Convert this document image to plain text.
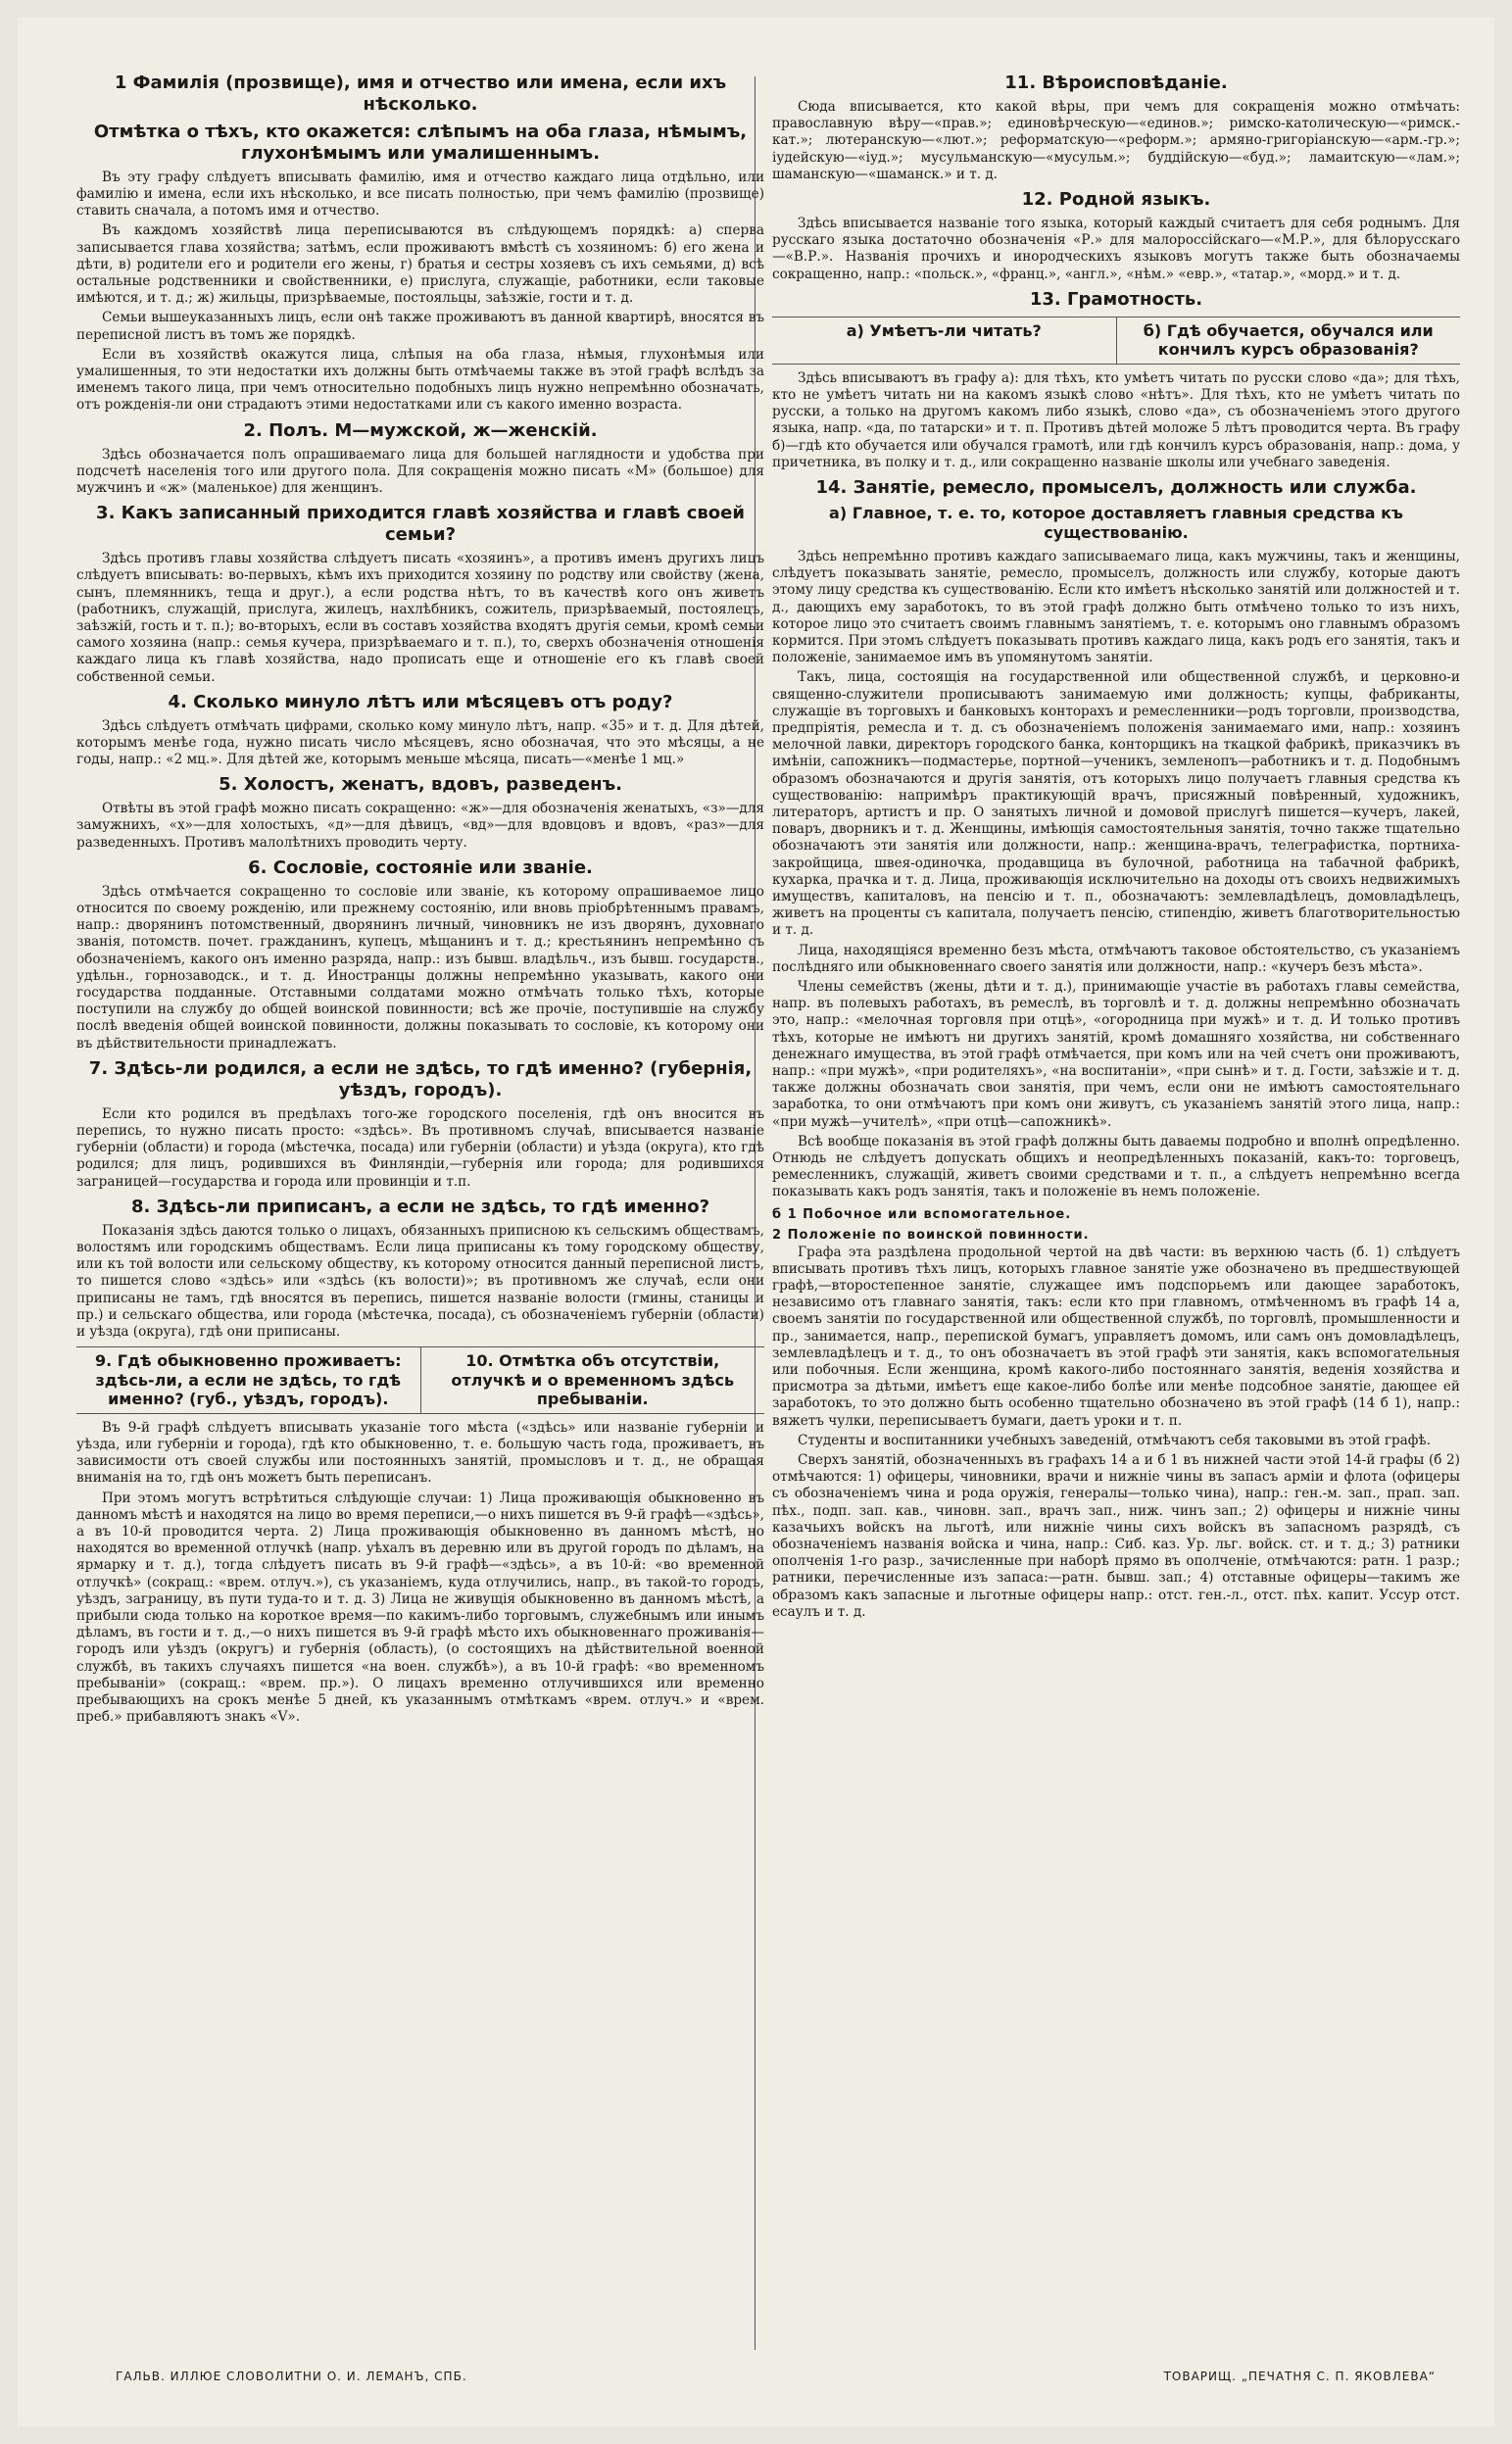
1 Фамилія (прозвище), имя и отчество или имена, если ихъ нѣсколько.
Отмѣтка о тѣхъ, кто окажется: слѣпымъ на оба глаза, нѣмымъ, глухонѣмымъ или умалишеннымъ.

Въ эту графу слѣдуетъ вписывать фамилію, имя и отчество каждаго лица отдѣльно, или фамилію и имена, если ихъ нѣсколько, и все писать полностью, при чемъ фамилію (прозвище) ставить сначала, а потомъ имя и отчество.

Въ каждомъ хозяйствѣ лица переписываются въ слѣдующемъ порядкѣ: а) сперва записывается глава хозяйства; затѣмъ, если проживаютъ вмѣстѣ съ хозяиномъ: б) его жена и дѣти, в) родители его и родители его жены, г) братья и сестры хозяевъ съ ихъ семьями, д) всѣ остальные родственники и свойственники, е) прислуга, служащіе, работники, если таковые имѣются, и т. д.; ж) жильцы, призрѣваемые, постояльцы, заѣзжіе, гости и т. д.

Семьи вышеуказанныхъ лицъ, если онѣ также проживаютъ въ данной квартирѣ, вносятся въ переписной листъ въ томъ же порядкѣ.

Если въ хозяйствѣ окажутся лица, слѣпыя на оба глаза, нѣмыя, глухонѣмыя или умалишенныя, то эти недостатки ихъ должны быть отмѣчаемы также въ этой графѣ вслѣдъ за именемъ такого лица, при чемъ относительно подобныхъ лицъ нужно непремѣнно обозначать, отъ рожденія-ли они страдаютъ этими недостатками или съ какого именно возраста.

2. Полъ. М—мужской, ж—женскій.

Здѣсь обозначается полъ опрашиваемаго лица для большей наглядности и удобства при подсчетѣ населенія того или другого пола. Для сокращенія можно писать «М» (большое) для мужчинъ и «ж» (маленькое) для женщинъ.

3. Какъ записанный приходится главѣ хозяйства и главѣ своей семьи?

Здѣсь противъ главы хозяйства слѣдуетъ писать «хозяинъ», а противъ именъ другихъ лицъ слѣдуетъ вписывать: во-первыхъ, кѣмъ ихъ приходится хозяину по родству или свойству (жена, сынъ, племянникъ, теща и друг.), а если родства нѣтъ, то въ качествѣ кого онъ живетъ (работникъ, служащій, прислуга, жилецъ, нахлѣбникъ, сожитель, призрѣваемый, постоялецъ, заѣзжій, гость и т. п.); во-вторыхъ, если въ составъ хозяйства входятъ другія семьи, кромѣ семьи самого хозяина (напр.: семья кучера, призрѣваемаго и т. п.), то, сверхъ обозначенія отношенія каждаго лица къ главѣ хозяйства, надо прописать еще и отношеніе его къ главѣ своей собственной семьи.

4. Сколько минуло лѣтъ или мѣсяцевъ отъ роду?

Здѣсь слѣдуетъ отмѣчать цифрами, сколько кому минуло лѣтъ, напр. «35» и т. д. Для дѣтей, которымъ менѣе года, нужно писать число мѣсяцевъ, ясно обозначая, что это мѣсяцы, а не годы, напр.: «2 мц.». Для дѣтей же, которымъ меньше мѣсяца, писать—«менѣе 1 мц.»

5. Холостъ, женатъ, вдовъ, разведенъ.

Отвѣты въ этой графѣ можно писать сокращенно: «ж»—для обозначенія женатыхъ, «з»—для замужнихъ, «х»—для холостыхъ, «д»—для дѣвицъ, «вд»—для вдовцовъ и вдовъ, «раз»—для разведенныхъ. Противъ малолѣтнихъ проводить черту.

6. Сословіе, состояніе или званіе.

Здѣсь отмѣчается сокращенно то сословіе или званіе, къ которому опрашиваемое лицо относится по своему рожденію, или прежнему состоянію, или вновь пріобрѣтеннымъ правамъ, напр.: дворянинъ потомственный, дворянинъ личный, чиновникъ не изъ дворянъ, духовнаго званія, потомств. почет. гражданинъ, купецъ, мѣщанинъ и т. д.; крестьянинъ непремѣнно съ обозначеніемъ, какого онъ именно разряда, напр.: изъ бывш. владѣльч., изъ бывш. государств., удѣльн., горнозаводск., и т. д. Иностранцы должны непремѣнно указывать, какого они государства подданные. Отставными солдатами можно отмѣчать только тѣхъ, которые поступили на службу до общей воинской повинности; всѣ же прочіе, поступившіе на службу послѣ введенія общей воинской повинности, должны показывать то сословіе, къ которому они въ дѣйствительности принадлежатъ.

7. Здѣсь-ли родился, а если не здѣсь, то гдѣ именно? (губернія, уѣздъ, городъ).

Если кто родился въ предѣлахъ того-же городского поселенія, гдѣ онъ вносится въ перепись, то нужно писать просто: «здѣсь». Въ противномъ случаѣ, вписывается названіе губерніи (области) и города (мѣстечка, посада) или губерніи (области) и уѣзда (округа), кто гдѣ родился; для лицъ, родившихся въ Финляндіи,—губернія или города; для родившихся заграницей—государства и города или провинціи и т.п.

8. Здѣсь-ли приписанъ, а если не здѣсь, то гдѣ именно?

Показанія здѣсь даются только о лицахъ, обязанныхъ приписною къ сельскимъ обществамъ, волостямъ или городскимъ обществамъ. Если лица приписаны къ тому городскому обществу, или къ той волости или сельскому обществу, къ которому относится данный переписной листъ, то пишется слово «здѣсь» или «здѣсь (къ волости)»; въ противномъ же случаѣ, если они приписаны не тамъ, гдѣ вносятся въ перепись, пишется названіе волости (гмины, станицы и пр.) и сельскаго общества, или города (мѣстечка, посада), съ обозначеніемъ губерніи (области) и уѣзда (округа), гдѣ они приписаны.

9. Гдѣ обыкновенно проживаетъ: здѣсь-ли, а если не здѣсь, то гдѣ именно? (губ., уѣздъ, городъ).
10. Отмѣтка объ отсутствіи, отлучкѣ и о временномъ здѣсь пребываніи.

Въ 9-й графѣ слѣдуетъ вписывать указаніе того мѣста («здѣсь» или названіе губерніи и уѣзда, или губерніи и города), гдѣ кто обыкновенно, т. е. большую часть года, проживаетъ, въ зависимости отъ своей службы или постоянныхъ занятій, промысловъ и т. д., не обращая вниманія на то, гдѣ онъ можетъ быть переписанъ.

При этомъ могутъ встрѣтиться слѣдующіе случаи: 1) Лица проживающія обыкновенно въ данномъ мѣстѣ и находятся на лицо во время переписи,—о нихъ пишется въ 9-й графѣ—«здѣсь», а въ 10-й проводится черта. 2) Лица проживающія обыкновенно въ данномъ мѣстѣ, но находятся во временной отлучкѣ (напр. уѣхалъ въ деревню или въ другой городъ по дѣламъ, на ярмарку и т. д.), тогда слѣдуетъ писать въ 9-й графѣ—«здѣсь», а въ 10-й: «во временной отлучкѣ» (сокращ.: «врем. отлуч.»), съ указаніемъ, куда отлучились, напр., въ такой-то городъ, уѣздъ, заграницу, въ пути туда-то и т. д. 3) Лица не живущія обыкновенно въ данномъ мѣстѣ, а прибыли сюда только на короткое время—по какимъ-либо торговымъ, служебнымъ или инымъ дѣламъ, въ гости и т. д.,—о нихъ пишется въ 9-й графѣ мѣсто ихъ обыкновеннаго проживанія—городъ или уѣздъ (округъ) и губернія (область), (о состоящихъ на дѣйствительной военной службѣ, въ такихъ случаяхъ пишется «на воен. службѣ»), а въ 10-й графѣ: «во временномъ пребываніи» (сокращ.: «врем. пр.»). О лицахъ временно отлучившихся или временно пребывающихъ на срокъ менѣе 5 дней, къ указаннымъ отмѣткамъ «врем. отлуч.» и «врем. преб.» прибавляютъ знакъ «V».

11. Вѣроисповѣданіе.

Сюда вписывается, кто какой вѣры, при чемъ для сокращенія можно отмѣчать: православную вѣру—«прав.»; единовѣрческую—«единов.»; римско-католическую—«римск.-кат.»; лютеранскую—«лют.»; реформатскую—«реформ.»; армяно-григоріанскую—«арм.-гр.»; іудейскую—«іуд.»; мусульманскую—«мусульм.»; буддійскую—«буд.»; ламаитскую—«лам.»; шаманскую—«шаманск.» и т. д.

12. Родной языкъ.

Здѣсь вписывается названіе того языка, который каждый считаетъ для себя роднымъ. Для русскаго языка достаточно обозначенія «Р.» для малороссійскаго—«М.Р.», для бѣлорусскаго—«В.Р.». Названія прочихъ и инородческихъ языковъ могутъ также быть обозначаемы сокращенно, напр.: «польск.», «франц.», «англ.», «нѣм.» «евр.», «татар.», «морд.» и т. д.

13. Грамотность.
а) Умѣетъ-ли читать?	б) Гдѣ обучается, обучался или кончилъ курсъ образованія?

Здѣсь вписываютъ въ графу а): для тѣхъ, кто умѣетъ читать по русски слово «да»; для тѣхъ, кто не умѣетъ читать ни на какомъ языкѣ слово «нѣтъ». Для тѣхъ, кто не умѣетъ читать по русски, а только на другомъ какомъ либо языкѣ, слово «да», съ обозначеніемъ этого другого языка, напр. «да, по татарски» и т. п. Противъ дѣтей моложе 5 лѣтъ проводится черта. Въ графу б)—гдѣ кто обучается или обучался грамотѣ, или гдѣ кончилъ курсъ образованія, напр.: дома, у причетника, въ полку и т. д., или сокращенно названіе школы или учебнаго заведенія.

14. Занятіе, ремесло, промыселъ, должность или служба.
а) Главное, т. е. то, которое доставляетъ главныя средства къ существованію.

Здѣсь непремѣнно противъ каждаго записываемаго лица, какъ мужчины, такъ и женщины, слѣдуетъ показывать занятіе, ремесло, промыселъ, должность или службу, которые даютъ этому лицу средства къ существованію. Если кто имѣетъ нѣсколько занятій или должностей и т. д., дающихъ ему заработокъ, то въ этой графѣ должно быть отмѣчено только то изъ нихъ, которое лицо это считаетъ своимъ главнымъ занятіемъ, т. е. которымъ оно главнымъ образомъ кормится. При этомъ слѣдуетъ показывать противъ каждаго лица, какъ родъ его занятія, такъ и положеніе, занимаемое имъ въ упомянутомъ занятіи.

Такъ, лица, состоящія на государственной или общественной службѣ, и церковно-и священно-служители прописываютъ занимаемую ими должность; купцы, фабриканты, служащіе въ торговыхъ и банковыхъ конторахъ и ремесленники—родъ торговли, производства, предпріятія, ремесла и т. д. съ обозначеніемъ положенія занимаемаго ими, напр.: хозяинъ мелочной лавки, директоръ городского банка, конторщикъ на ткацкой фабрикѣ, приказчикъ въ имѣніи, сапожникъ—подмастерье, портной—ученикъ, земленопъ—работникъ и т. д. Подобнымъ образомъ обозначаются и другія занятія, отъ которыхъ лицо получаетъ главныя средства къ существованію: напримѣръ практикующій врачъ, присяжный повѣренный, художникъ, литераторъ, артистъ и пр. О занятыхъ личной и домовой прислугѣ пишется—кучеръ, лакей, поваръ, дворникъ и т. д. Женщины, имѣющія самостоятельныя занятія, точно также тщательно обозначаютъ эти занятія или должности, напр.: женщина-врачъ, телеграфистка, портниха-закройщица, швея-одиночка, продавщица въ булочной, работница на табачной фабрикѣ, кухарка, прачка и т. д. Лица, проживающія исключительно на доходы отъ своихъ недвижимыхъ имуществъ, капиталовъ, на пенсію и т. п., обозначаютъ: землевладѣлецъ, домовладѣлецъ, живетъ на проценты съ капитала, получаетъ пенсію, стипендію, живетъ благотворительностью и т. д.

Лица, находящіяся временно безъ мѣста, отмѣчаютъ таковое обстоятельство, съ указаніемъ послѣдняго или обыкновеннаго своего занятія или должности, напр.: «кучеръ безъ мѣста».

Члены семействъ (жены, дѣти и т. д.), принимающіе участіе въ работахъ главы семейства, напр. въ полевыхъ работахъ, въ ремеслѣ, въ торговлѣ и т. д. должны непремѣнно обозначать это, напр.: «мелочная торговля при отцѣ», «огородница при мужѣ» и т. д. И только противъ тѣхъ, которые не имѣютъ ни другихъ занятій, кромѣ домашняго хозяйства, ни собственнаго денежнаго имущества, въ этой графѣ отмѣчается, при комъ или на чей счетъ они проживаютъ, напр.: «при мужѣ», «при родителяхъ», «на воспитаніи», «при сынѣ» и т. д. Гости, заѣзжіе и т. д. также должны обозначать свои занятія, при чемъ, если они не имѣютъ самостоятельнаго заработка, то они отмѣчаютъ при комъ они живутъ, съ указаніемъ занятій этого лица, напр.: «при мужѣ—учителѣ», «при отцѣ—сапожникѣ».

Всѣ вообще показанія въ этой графѣ должны быть даваемы подробно и вполнѣ опредѣленно. Отнюдь не слѣдуетъ допускать общихъ и неопредѣленныхъ показаній, какъ-то: торговецъ, ремесленникъ, служащій, живетъ своими средствами и т. п., а слѣдуетъ непремѣнно всегда показывать какъ родъ занятія, такъ и положеніе въ немъ положеніе.

б 1 Побочное или вспомогательное.
2 Положеніе по воинской повинности.

Графа эта раздѣлена продольной чертой на двѣ части: въ верхнюю часть (б. 1) слѣдуетъ вписывать противъ тѣхъ лицъ, которыхъ главное занятіе уже обозначено въ предшествующей графѣ,—второстепенное занятіе, служащее имъ подспорьемъ или дающее заработокъ, независимо отъ главнаго занятія, такъ: если кто при главномъ, отмѣченномъ въ графѣ 14 а, своемъ занятіи по государственной или общественной службѣ, по торговлѣ, промышленности и пр., занимается, напр., перепиской бумагъ, управляетъ домомъ, или самъ онъ домовладѣлецъ, землевладѣлецъ и т. д., то онъ обозначаетъ въ этой графѣ эти занятія, какъ вспомогательныя или побочныя. Если женщина, кромѣ какого-либо постояннаго занятія, веденія хозяйства и присмотра за дѣтьми, имѣетъ еще какое-либо болѣе или менѣе подсобное занятіе, дающее ей заработокъ, то это должно быть особенно тщательно обозначено въ этой графѣ (14 б 1), напр.: вяжетъ чулки, переписываетъ бумаги, даетъ уроки и т. п.

Студенты и воспитанники учебныхъ заведеній, отмѣчаютъ себя таковыми въ этой графѣ.

Сверхъ занятій, обозначенныхъ въ графахъ 14 а и б 1 въ нижней части этой 14-й графы (б 2) отмѣчаются: 1) офицеры, чиновники, врачи и нижніе чины въ запасъ арміи и флота (офицеры съ обозначеніемъ чина и рода оружія, генералы—только чина), напр.: ген.-м. зап., прап. зап. пѣх., подп. зап. кав., чиновн. зап., врачъ зап., ниж. чинъ зап.; 2) офицеры и нижніе чины казачьихъ войскъ на льготѣ, или нижніе чины сихъ войскъ въ запасномъ разрядѣ, съ обозначеніемъ названія войска и чина, напр.: Сиб. каз. Ур. льг. войск. ст. и т. д.; 3) ратники ополченія 1-го разр., зачисленные при наборѣ прямо въ ополченіе, отмѣчаются: ратн. 1 разр.; ратники, перечисленные изъ запаса:—ратн. бывш. зап.; 4) отставные офицеры—такимъ же образомъ какъ запасные и льготные офицеры напр.: отст. ген.-л., отст. пѣх. капит. Уссур отст. есаулъ и т. д.

ГАЛЬВ. ИЛЛЮЕ СЛОВОЛИТНИ О. И. ЛЕМАНЪ, СПБ.	ТОВАРИЩ. „ПЕЧАТНЯ С. П. ЯКОВЛЕВА“
